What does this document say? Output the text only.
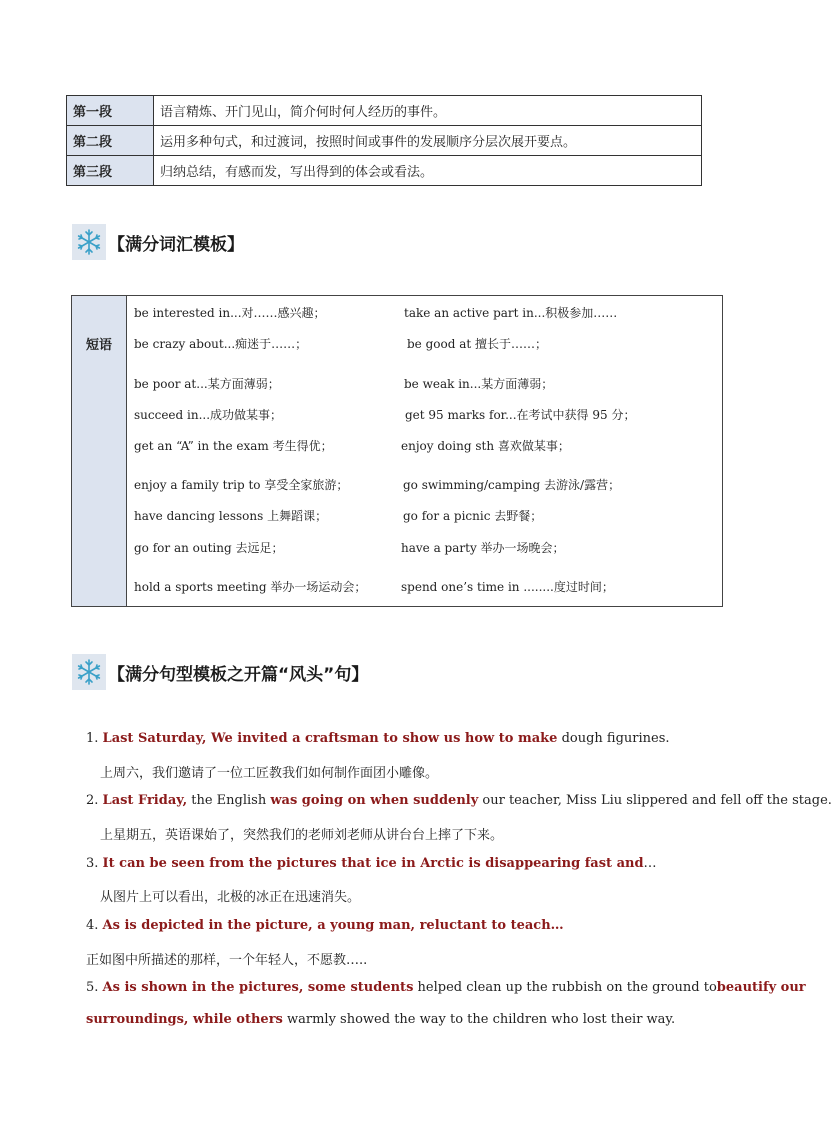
第一段	语言精炼、开门见山，简介何时何人经历的事件。
第二段	运用多种句式，和过渡词，按照时间或事件的发展顺序分层次展开要点。
第三段	归纳总结，有感而发，写出得到的体会或看法。
【满分词汇模板】
短语
be interested in...对……感兴趣；	take an active part in...积极参加……
be crazy about...痴迷于……；	be good at 擅长于……；
be poor at...某方面薄弱；	be weak in...某方面薄弱；
succeed in...成功做某事；	get 95 marks for...在考试中获得 95 分；
get an “A” in the exam 考生得优；	enjoy doing sth 喜欢做某事；
enjoy a family trip to 享受全家旅游；	go swimming/camping 去游泳/露营；
have dancing lessons 上舞蹈课；	go for a picnic 去野餐；
go for an outing 去远足；	have a party 举办一场晚会；
hold a sports meeting 举办一场运动会；	spend one’s time in ........度过时间；
【满分句型模板之开篇“风头”句】
1. Last Saturday, We invited a craftsman to show us how to make dough figurines.
上周六，我们邀请了一位工匠教我们如何制作面团小雕像。
2. Last Friday, the English was going on when suddenly our teacher, Miss Liu slippered and fell off the stage.
上星期五，英语课始了，突然我们的老师刘老师从讲台台上摔了下来。
3. It can be seen from the pictures that ice in Arctic is disappearing fast and…
从图片上可以看出，北极的冰正在迅速消失。
4. As is depicted in the picture, a young man, reluctant to teach…
正如图中所描述的那样，一个年轻人，不愿教…..
5. As is shown in the pictures, some students helped clean up the rubbish on the ground to beautify our
surroundings, while others warmly showed the way to the children who lost their way.
